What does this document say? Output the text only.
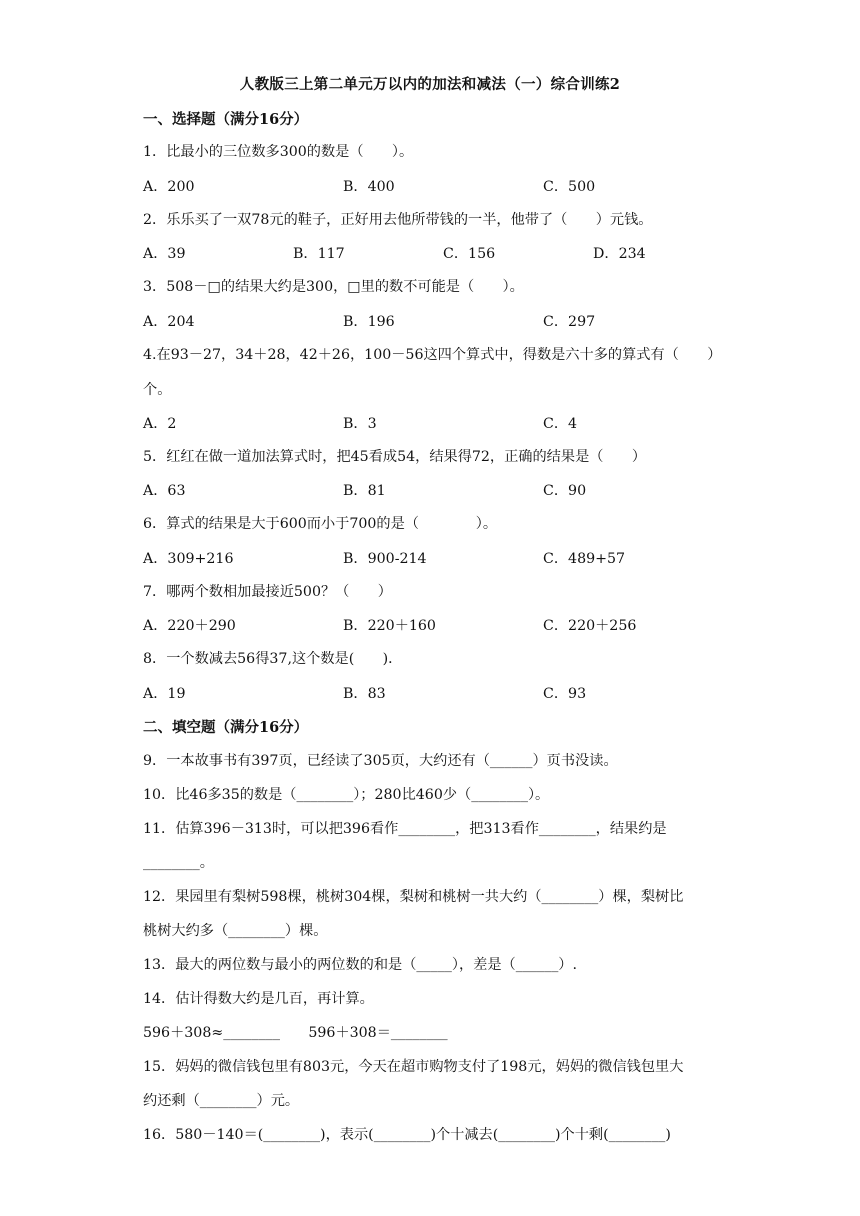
人教版三上第二单元万以内的加法和减法（一）综合训练2
一、选择题（满分16分）
1．比最小的三位数多300的数是（　　）。
A．200	B．400	C．500
2．乐乐买了一双78元的鞋子，正好用去他所带钱的一半，他带了（　　）元钱。
A．39	B．117	C．156	D．234
3．508－□的结果大约是300，□里的数不可能是（　　）。
A．204	B．196	C．297
4.在93－27，34＋28，42＋26，100－56这四个算式中，得数是六十多的算式有（　　）
个。
A．2	B．3	C．4
5．红红在做一道加法算式时，把45看成54，结果得72，正确的结果是（　　）
A．63	B．81	C．90
6．算式的结果是大于600而小于700的是（　　　　）。
A．309+216	B．900-214	C．489+57
7．哪两个数相加最接近500？（　　）
A．220＋290	B．220＋160	C．220＋256
8．一个数减去56得37,这个数是(　　)．
A．19	B．83	C．93
二、填空题（满分16分）
9．一本故事书有397页，已经读了305页，大约还有（______）页书没读。
10．比46多35的数是（________）；280比460少（________）。
11．估算396－313时，可以把396看作________，把313看作________，结果约是
________。
12．果园里有梨树598棵，桃树304棵，梨树和桃树一共大约（________）棵，梨树比
桃树大约多（________）棵。
13．最大的两位数与最小的两位数的和是（_____），差是（______）.
14．估计得数大约是几百，再计算。
596＋308≈________　　596＋308＝________
15．妈妈的微信钱包里有803元，今天在超市购物支付了198元，妈妈的微信钱包里大
约还剩（________）元。
16．580－140＝(________)，表示(________)个十减去(________)个十剩(________)
